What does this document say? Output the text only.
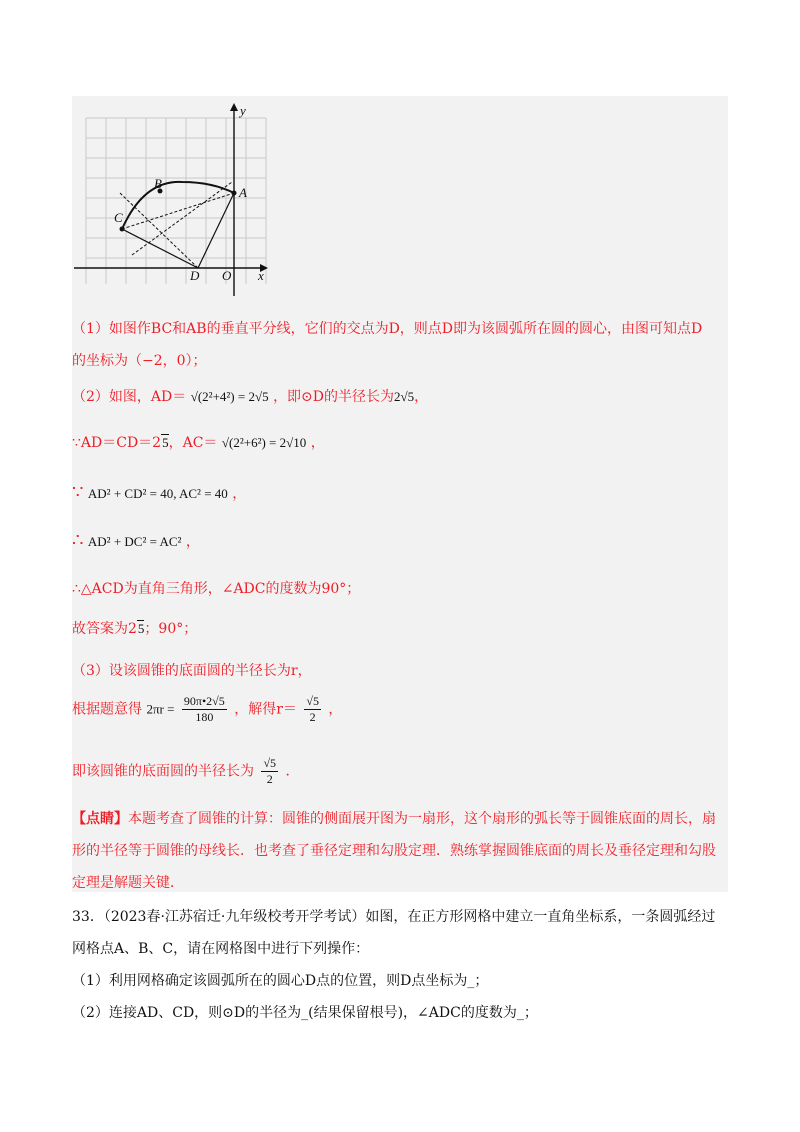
y
x
A
B
C
D O
（1）如图作BC和AB的垂直平分线，它们的交点为D，则点D即为该圆弧所在圆的圆心，由图可知点D
的坐标为（−2，0）；
（2）如图，AD＝ √(2²+4²) = 2√5 ，即⊙D的半径长为2√5，
∵AD＝CD＝25，AC＝ √(2²+6²) = 2√10 ，
∵ AD² + CD² = 40, AC² = 40 ，
∴ AD² + DC² = AC² ，
∴△ACD为直角三角形，∠ADC的度数为90°；
故答案为25；90°；
（3）设该圆锥的底面圆的半径长为r，
根据题意得 $2\pi r = \frac{90\pi•2√5}{180}$ ，解得$r= \frac{√5}{2}$ ，
即该圆锥的底面圆的半径长为 $\frac{√5}{2}$ ．
【点睛】本题考查了圆锥的计算：圆锥的侧面展开图为一扇形，这个扇形的弧长等于圆锥底面的周长，扇
形的半径等于圆锥的母线长．也考查了垂径定理和勾股定理．熟练掌握圆锥底面的周长及垂径定理和勾股
定理是解题关键．
33．（2023春·江苏宿迁·九年级校考开学考试）如图，在正方形网格中建立一直角坐标系，一条圆弧经过
网格点A、B、C，请在网格图中进行下列操作：
（1）利用网格确定该圆弧所在的圆心D点的位置，则D点坐标为_；
（2）连接AD、CD，则⊙D的半径为_(结果保留根号)，∠ADC的度数为_；
